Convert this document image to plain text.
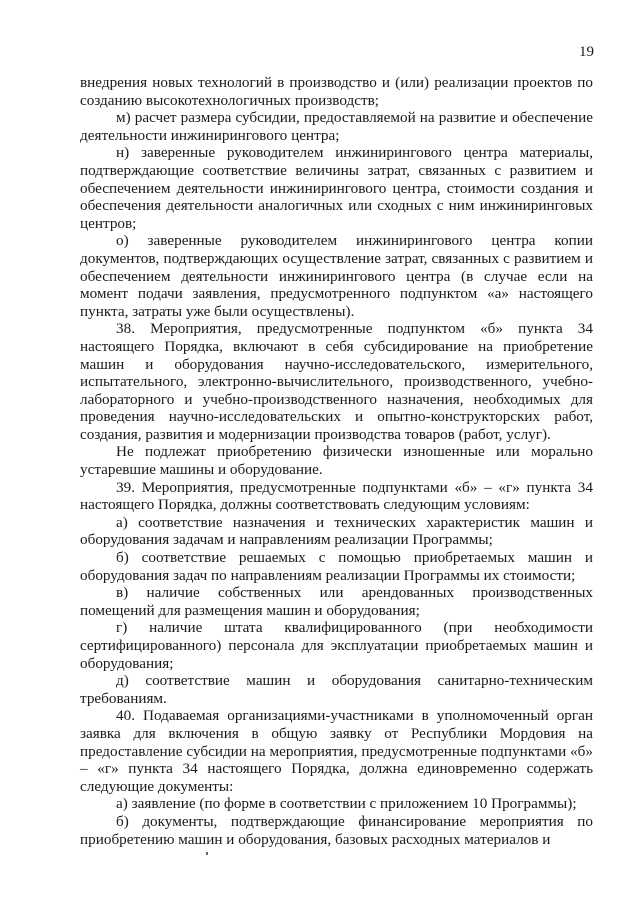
19

внедрения новых технологий в производство и (или) реализации проектов по созданию высокотехнологичных производств;

м) расчет размера субсидии, предоставляемой на развитие и обеспечение деятельности инжинирингового центра;

н) заверенные руководителем инжинирингового центра материалы, подтверждающие соответствие величины затрат, связанных с развитием и обеспечением деятельности инжинирингового центра, стоимости создания и обеспечения деятельности аналогичных или сходных с ним инжиниринговых центров;

о) заверенные руководителем инжинирингового центра копии документов, подтверждающих осуществление затрат, связанных с развитием и обеспечением деятельности инжинирингового центра (в случае если на момент подачи заявления, предусмотренного подпунктом «а» настоящего пункта, затраты уже были осуществлены).

38. Мероприятия, предусмотренные подпунктом «б» пункта 34 настоящего Порядка, включают в себя субсидирование на приобретение машин и оборудования научно-исследовательского, измерительного, испытательного, электронно-вычислительного, производственного, учебно-лабораторного и учебно-производственного назначения, необходимых для проведения научно-исследовательских и опытно-конструкторских работ, создания, развития и модернизации производства товаров (работ, услуг).

Не подлежат приобретению физически изношенные или морально устаревшие машины и оборудование.

39. Мероприятия, предусмотренные подпунктами «б» – «г» пункта 34 настоящего Порядка, должны соответствовать следующим условиям:

а) соответствие назначения и технических характеристик машин и оборудования задачам и направлениям реализации Программы;

б) соответствие решаемых с помощью приобретаемых машин и оборудования задач по направлениям реализации Программы их стоимости;

в) наличие собственных или арендованных производственных помещений для размещения машин и оборудования;

г) наличие штата квалифицированного (при необходимости сертифицированного) персонала для эксплуатации приобретаемых машин и оборудования;

д) соответствие машин и оборудования санитарно-техническим требованиям.

40. Подаваемая организациями-участниками в уполномоченный орган заявка для включения в общую заявку от Республики Мордовия на предоставление субсидии на мероприятия, предусмотренные подпунктами «б» – «г» пункта 34 настоящего Порядка, должна единовременно содержать следующие документы:

а) заявление (по форме в соответствии с приложением 10 Программы);

б) документы, подтверждающие финансирование мероприятия по приобретению машин и оборудования, базовых расходных материалов и
